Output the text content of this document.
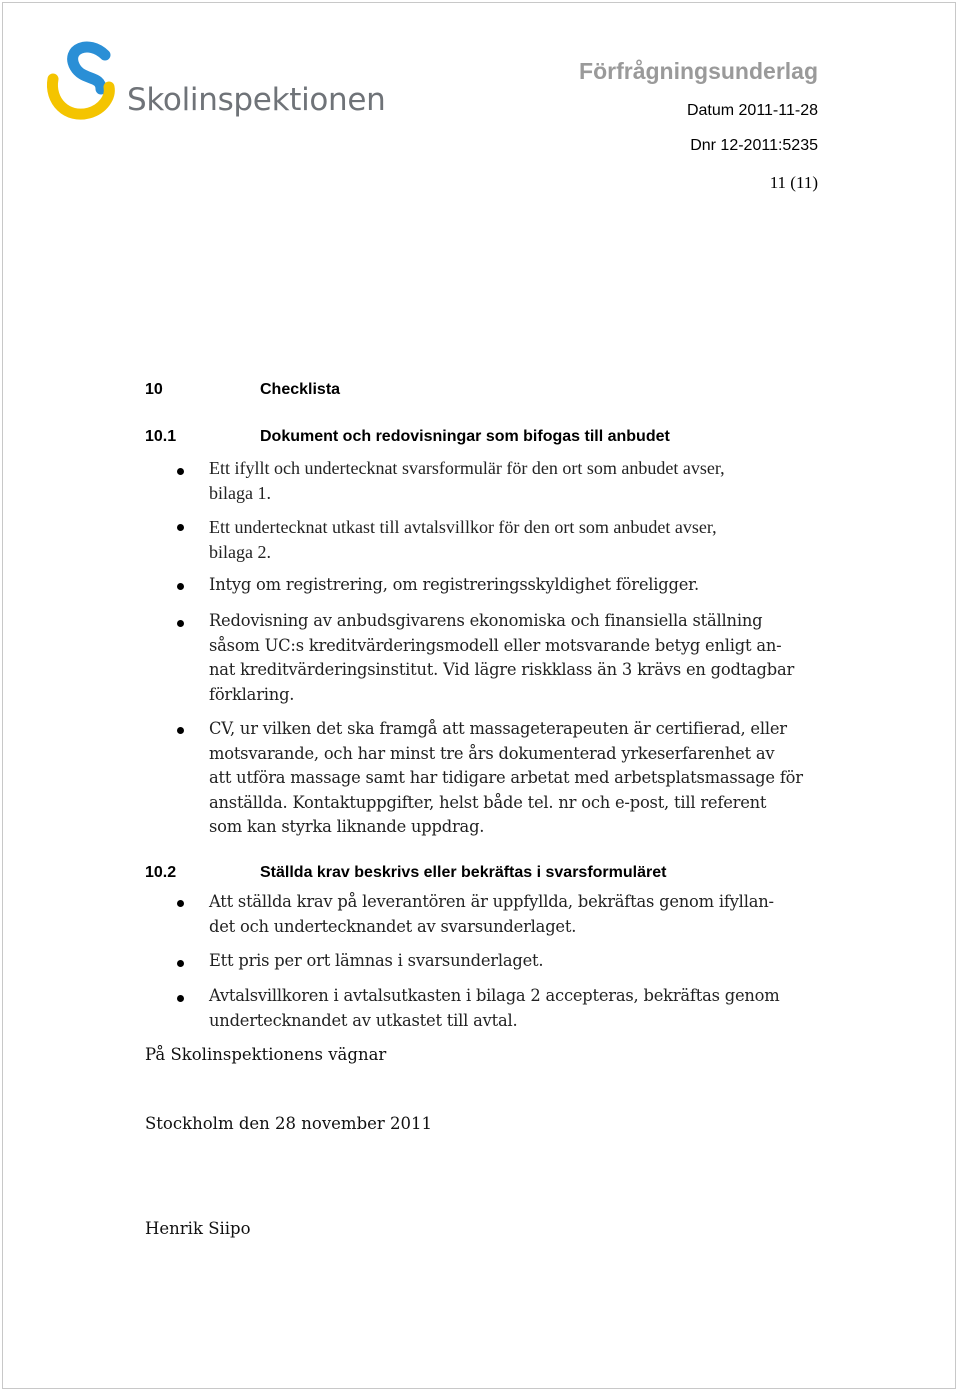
Skolinspektionen
Förfrågningsunderlag
Datum 2011-11-28
Dnr 12-2011:5235
11 (11)
10	Checklista
10.1	Dokument och redovisningar som bifogas till anbudet
Ett ifyllt och undertecknat svarsformulär för den ort som anbudet avser,
bilaga 1.
Ett undertecknat utkast till avtalsvillkor för den ort som anbudet avser,
bilaga 2.
Intyg om registrering, om registreringsskyldighet föreligger.
Redovisning av anbudsgivarens ekonomiska och finansiella ställning
såsom UC:s kreditvärderingsmodell eller motsvarande betyg enligt an-
nat kreditvärderingsinstitut. Vid lägre riskklass än 3 krävs en godtagbar
förklaring.
CV, ur vilken det ska framgå att massageterapeuten är certifierad, eller
motsvarande, och har minst tre års dokumenterad yrkeserfarenhet av
att utföra massage samt har tidigare arbetat med arbetsplatsmassage för
anställda. Kontaktuppgifter, helst både tel. nr och e-post, till referent
som kan styrka liknande uppdrag.
10.2	Ställda krav beskrivs eller bekräftas i svarsformuläret
Att ställda krav på leverantören är uppfyllda, bekräftas genom ifyllan-
det och undertecknandet av svarsunderlaget.
Ett pris per ort lämnas i svarsunderlaget.
Avtalsvillkoren i avtalsutkasten i bilaga 2 accepteras, bekräftas genom
undertecknandet av utkastet till avtal.
På Skolinspektionens vägnar
Stockholm den 28 november 2011
Henrik Siipo
